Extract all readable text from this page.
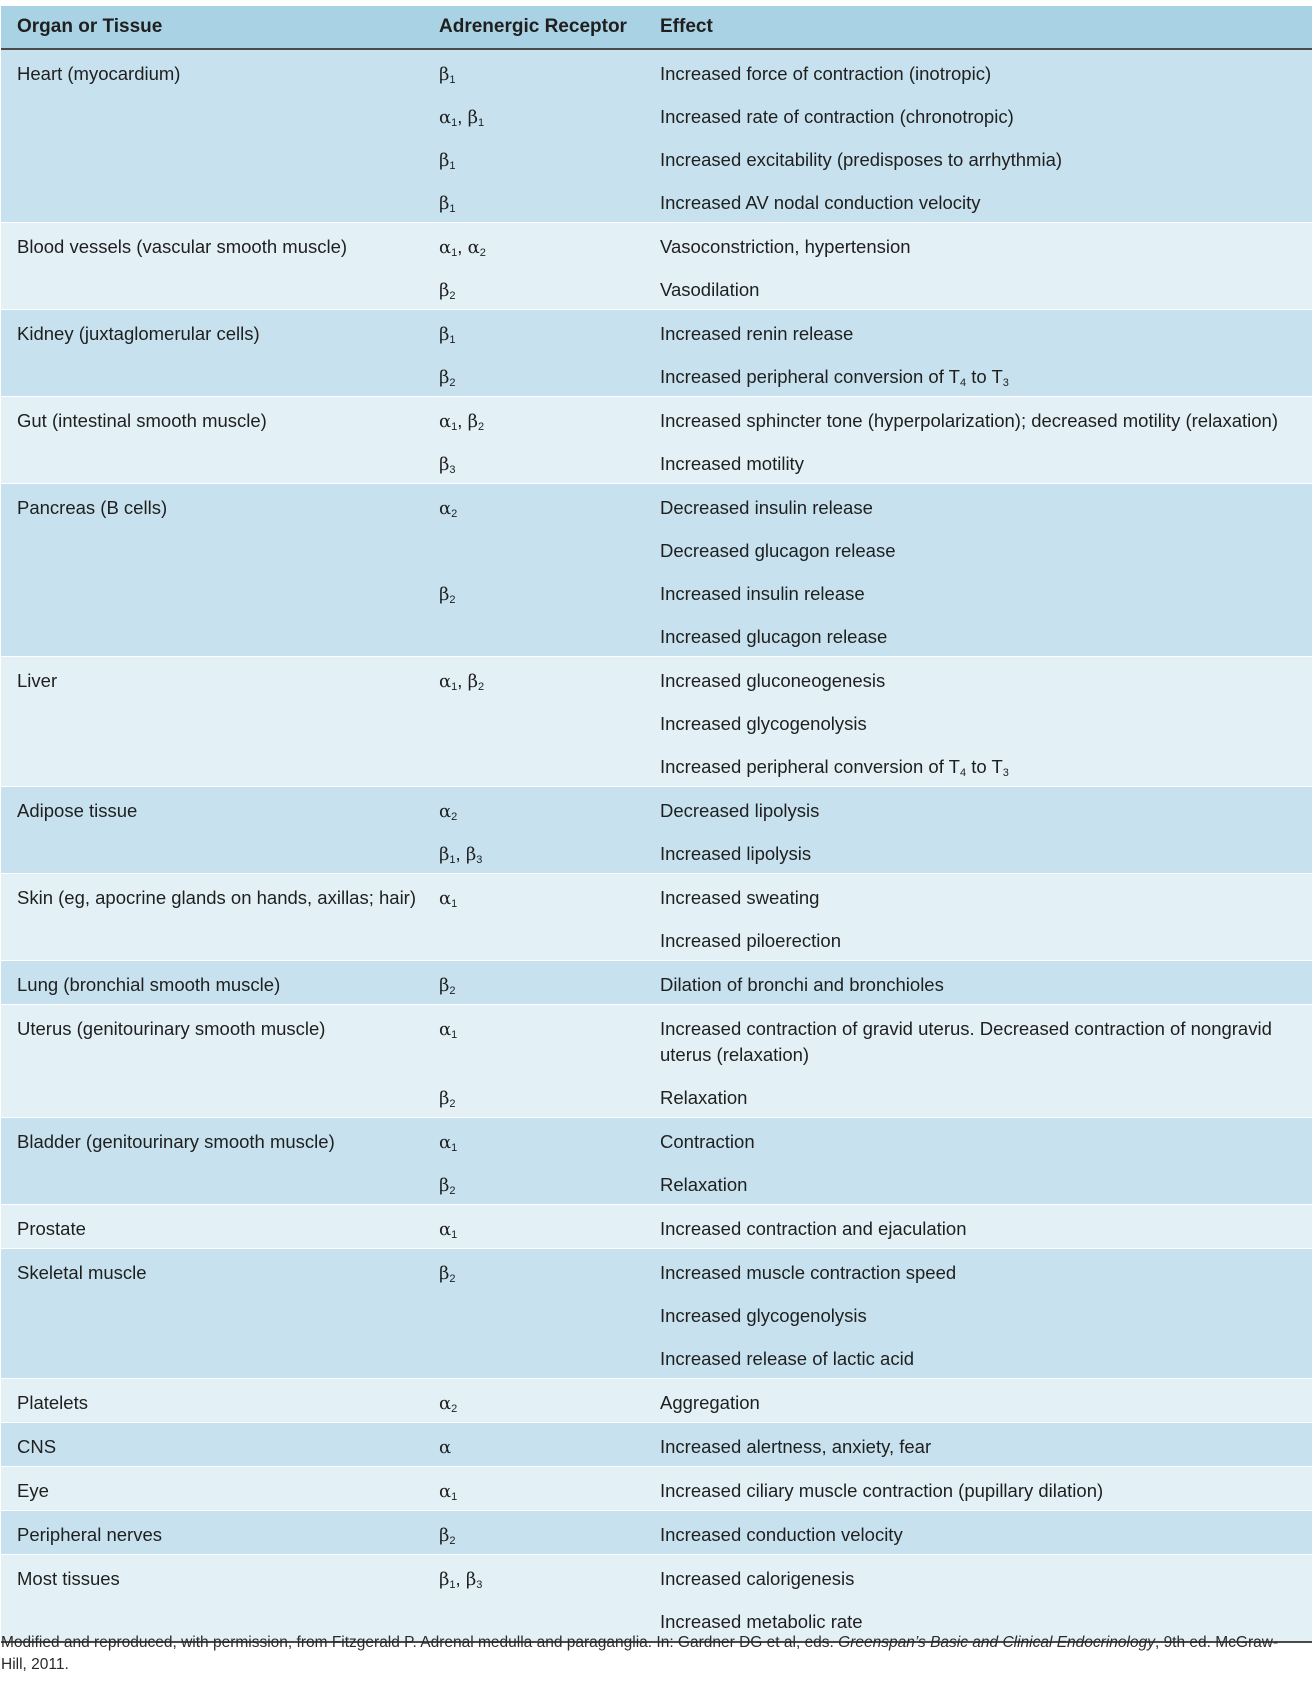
Organ or Tissue	Adrenergic Receptor	Effect
Heart (myocardium)	$\beta_1$	Increased force of contraction (inotropic)
	$\alpha_1$, $\beta_1$	Increased rate of contraction (chronotropic)
	$\beta_1$	Increased excitability (predisposes to arrhythmia)
	$\beta_1$	Increased AV nodal conduction velocity
Blood vessels (vascular smooth muscle)	$\alpha_1$, $\alpha_2$	Vasoconstriction, hypertension
	$\beta_2$	Vasodilation
Kidney (juxtaglomerular cells)	$\beta_1$	Increased renin release
	$\beta_2$	Increased peripheral conversion of $T_4$ to $T_3$
Gut (intestinal smooth muscle)	$\alpha_1$, $\beta_2$	Increased sphincter tone (hyperpolarization); decreased motility (relaxation)
	$\beta_3$	Increased motility
Pancreas (B cells)	$\alpha_2$	Decreased insulin release
		Decreased glucagon release
	$\beta_2$	Increased insulin release
		Increased glucagon release
Liver	$\alpha_1$, $\beta_2$	Increased gluconeogenesis
		Increased glycogenolysis
		Increased peripheral conversion of $T_4$ to $T_3$
Adipose tissue	$\alpha_2$	Decreased lipolysis
	$\beta_1$, $\beta_3$	Increased lipolysis
Skin (eg, apocrine glands on hands, axillas; hair)	$\alpha_1$	Increased sweating
		Increased piloerection
Lung (bronchial smooth muscle)	$\beta_2$	Dilation of bronchi and bronchioles
Uterus (genitourinary smooth muscle)	$\alpha_1$	Increased contraction of gravid uterus. Decreased contraction of nongravid uterus (relaxation)
	$\beta_2$	Relaxation
Bladder (genitourinary smooth muscle)	$\alpha_1$	Contraction
	$\beta_2$	Relaxation
Prostate	$\alpha_1$	Increased contraction and ejaculation
Skeletal muscle	$\beta_2$	Increased muscle contraction speed
		Increased glycogenolysis
		Increased release of lactic acid
Platelets	$\alpha_2$	Aggregation
CNS	α	Increased alertness, anxiety, fear
Eye	$\alpha_1$	Increased ciliary muscle contraction (pupillary dilation)
Peripheral nerves	$\beta_2$	Increased conduction velocity
Most tissues	$\beta_1$, $\beta_3$	Increased calorigenesis
		Increased metabolic rate
Modified and reproduced, with permission, from Fitzgerald P. Adrenal medulla and paraganglia. In: Gardner DG et al, eds. Greenspan’s Basic and Clinical Endocrinology, 9th ed. McGraw-Hill, 2011.
